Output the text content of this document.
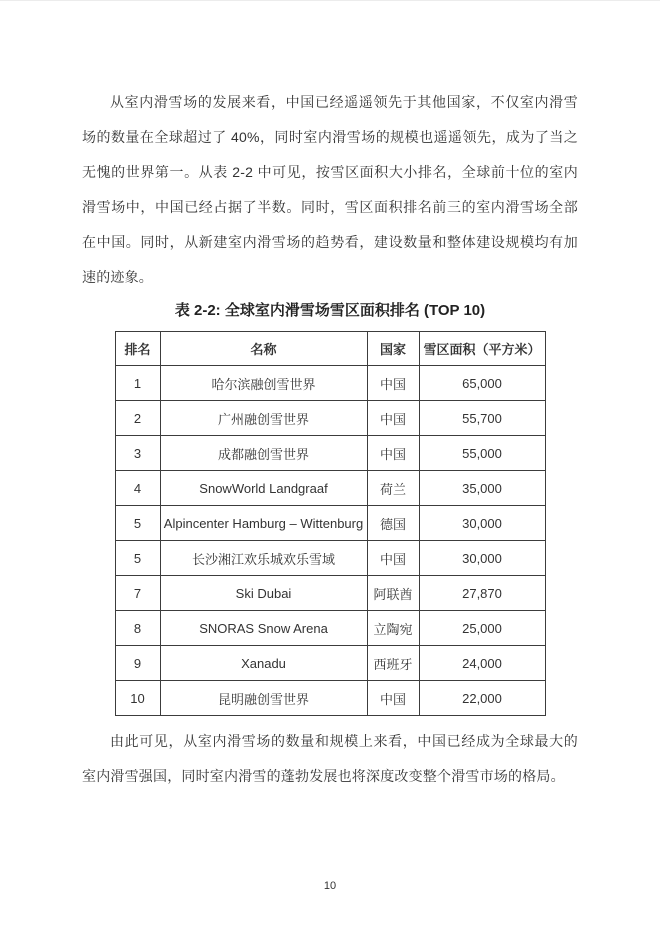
从室内滑雪场的发展来看，中国已经遥遥领先于其他国家，不仅室内滑雪场的数量在全球超过了 40%，同时室内滑雪场的规模也遥遥领先，成为了当之无愧的世界第一。从表 2-2 中可见，按雪区面积大小排名，全球前十位的室内滑雪场中，中国已经占据了半数。同时，雪区面积排名前三的室内滑雪场全部在中国。同时，从新建室内滑雪场的趋势看，建设数量和整体建设规模均有加速的迹象。

表 2-2: 全球室内滑雪场雪区面积排名 (TOP 10)
排名	名称	国家	雪区面积（平方米）
1	哈尔滨融创雪世界	中国	65,000
2	广州融创雪世界	中国	55,700
3	成都融创雪世界	中国	55,000
4	SnowWorld Landgraaf	荷兰	35,000
5	Alpincenter Hamburg – Wittenburg	德国	30,000
5	长沙湘江欢乐城欢乐雪域	中国	30,000
7	Ski Dubai	阿联酋	27,870
8	SNORAS Snow Arena	立陶宛	25,000
9	Xanadu	西班牙	24,000
10	昆明融创雪世界	中国	22,000

由此可见，从室内滑雪场的数量和规模上来看，中国已经成为全球最大的室内滑雪强国，同时室内滑雪的蓬勃发展也将深度改变整个滑雪市场的格局。

10
